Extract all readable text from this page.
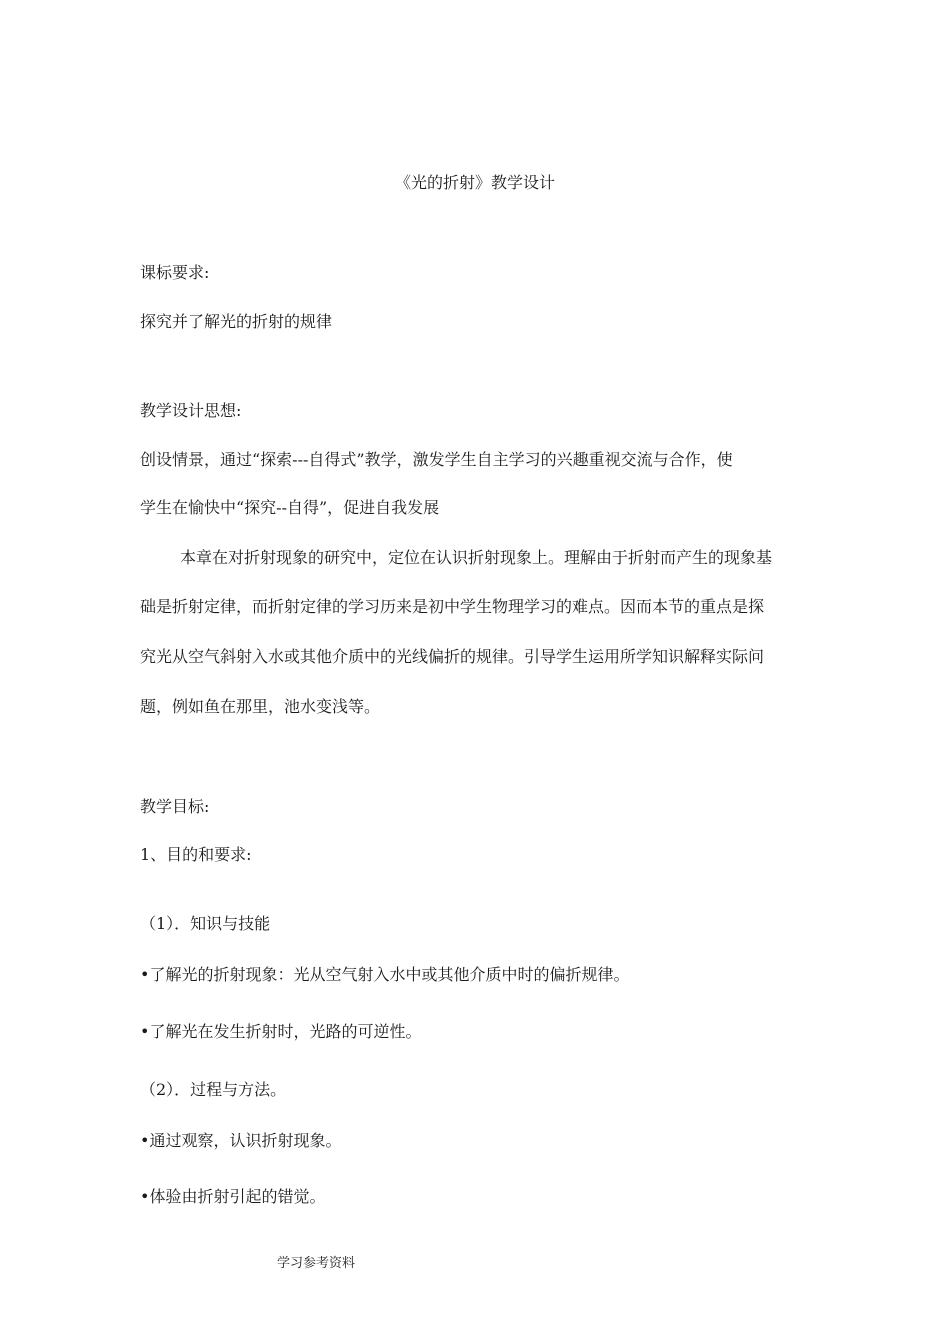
《光的折射》教学设计
课标要求:
探究并了解光的折射的规律
教学设计思想:
创设情景，通过“探索---自得式”教学，激发学生自主学习的兴趣重视交流与合作，使
学生在愉快中“探究--自得”，促进自我发展
本章在对折射现象的研究中，定位在认识折射现象上。理解由于折射而产生的现象基
础是折射定律，而折射定律的学习历来是初中学生物理学习的难点。因而本节的重点是探
究光从空气斜射入水或其他介质中的光线偏折的规律。引导学生运用所学知识解释实际问
题，例如鱼在那里，池水变浅等。
教学目标:
1、目的和要求:
（1）．知识与技能
•了解光的折射现象：光从空气射入水中或其他介质中时的偏折规律。
•了解光在发生折射时，光路的可逆性。
（2）．过程与方法。
•通过观察，认识折射现象。
•体验由折射引起的错觉。
学习参考资料
